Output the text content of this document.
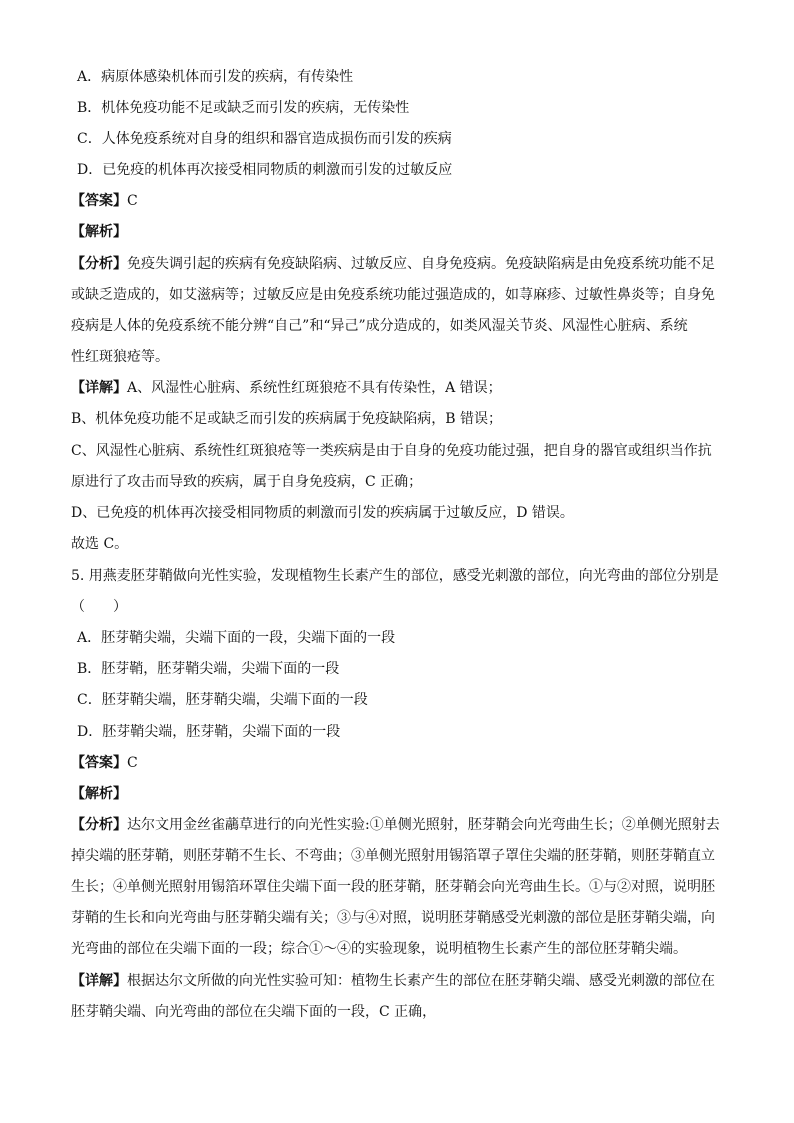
A．病原体感染机体而引发的疾病，有传染性
B．机体免疫功能不足或缺乏而引发的疾病，无传染性
C．人体免疫系统对自身的组织和器官造成损伤而引发的疾病
D．已免疫的机体再次接受相同物质的刺激而引发的过敏反应
【答案】C
【解析】
【分析】免疫失调引起的疾病有免疫缺陷病、过敏反应、自身免疫病。免疫缺陷病是由免疫系统功能不足
或缺乏造成的，如艾滋病等；过敏反应是由免疫系统功能过强造成的，如荨麻疹、过敏性鼻炎等；自身免
疫病是人体的免疫系统不能分辨“自己”和“异己”成分造成的，如类风湿关节炎、风湿性心脏病、系统
性红斑狼疮等。
【详解】A、风湿性心脏病、系统性红斑狼疮不具有传染性，A 错误；
B、机体免疫功能不足或缺乏而引发的疾病属于免疫缺陷病，B 错误；
C、风湿性心脏病、系统性红斑狼疮等一类疾病是由于自身的免疫功能过强，把自身的器官或组织当作抗
原进行了攻击而导致的疾病，属于自身免疫病，C 正确；
D、已免疫的机体再次接受相同物质的刺激而引发的疾病属于过敏反应，D 错误。
故选 C。
5. 用燕麦胚芽鞘做向光性实验，发现植物生长素产生的部位，感受光刺激的部位，向光弯曲的部位分别是
（　　）
A．胚芽鞘尖端，尖端下面的一段，尖端下面的一段
B．胚芽鞘，胚芽鞘尖端，尖端下面的一段
C．胚芽鞘尖端，胚芽鞘尖端，尖端下面的一段
D．胚芽鞘尖端，胚芽鞘，尖端下面的一段
【答案】C
【解析】
【分析】达尔文用金丝雀虉草进行的向光性实验:①单侧光照射，胚芽鞘会向光弯曲生长；②单侧光照射去
掉尖端的胚芽鞘，则胚芽鞘不生长、不弯曲；③单侧光照射用锡箔罩子罩住尖端的胚芽鞘，则胚芽鞘直立
生长；④单侧光照射用锡箔环罩住尖端下面一段的胚芽鞘，胚芽鞘会向光弯曲生长。①与②对照，说明胚
芽鞘的生长和向光弯曲与胚芽鞘尖端有关；③与④对照，说明胚芽鞘感受光刺激的部位是胚芽鞘尖端，向
光弯曲的部位在尖端下面的一段；综合①～④的实验现象，说明植物生长素产生的部位胚芽鞘尖端。
【详解】根据达尔文所做的向光性实验可知：植物生长素产生的部位在胚芽鞘尖端、感受光刺激的部位在
胚芽鞘尖端、向光弯曲的部位在尖端下面的一段，C 正确，
